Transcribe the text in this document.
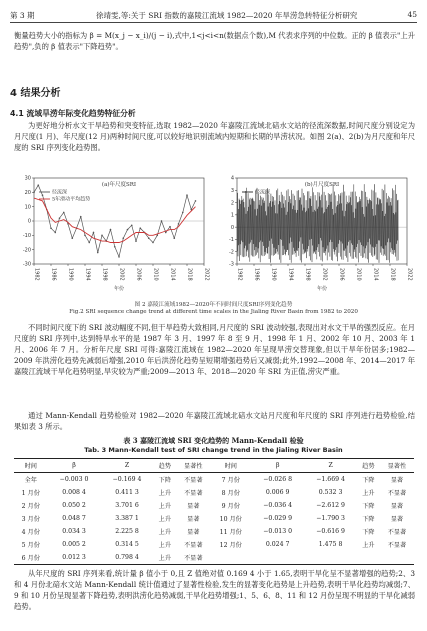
第 3 期	徐靖雯,等:关于 SRI 指数的嘉陵江流域 1982—2020 年旱涝急转特征分析研究	45
衡量趋势大小的指标为 β = M(x_j − x_i)/(j − i),式中,1<j<i<n(数据点个数),M 代表求序列的中位数。正的 β 值表示"上升趋势",负的 β 值表示"下降趋势"。
4 结果分析
4.1 流域旱涝年际变化趋势特征分析
为更好地分析水文干旱趋势和突变特征,选取 1982—2020 年嘉陵江流域北碚水文站的径流深数据,时间尺度分别设定为月尺度(1 月)、年尺度(12 月)两种时间尺度,可以较好地识别流域内短期和长期的旱涝状况。如图 2(a)、2(b)为月尺度和年尺度的 SRI 序列变化趋势图。
-30
-20
-10
0
10
20
30
1982 1986 1990 1994 1998 2002 2006 2010 2014 2018 2022
年份
(a)年尺度SRI
径流深
5年滑动平均趋势
-3
-2
-1
0
1
2
3
4
1982 1986 1990 1994 1998 2002 2006 2010 2014 2018 2022
年份
(b)月尺度SRI
径流深
图 2 嘉陵江流域1982—2020年不同时间尺度SRI序列变化趋势
Fig.2 SRI sequence change trend at different time scales in the Jialing River Basin from 1982 to 2020
不同时间尺度下的 SRI 波动幅度不同,但干旱趋势大致相同,月尺度的 SRI 波动较强,表现出对水文干旱的强烈反应。在月尺度的 SRI 序列中,达到特旱水平的是 1987 年 3 月、1997 年 8 至 9 月、1998 年 1 月、2002 年 10 月、2003 年 1 月、2006 年 7 月。分析年尺度 SRI 可得:嘉陵江流域在 1982—2020 年呈现旱涝交替现象,但以干旱年份居多;1982—2009 年洪涝化趋势先减弱后增强,2010 年后洪涝化趋势呈短期增强趋势后又减弱;此外,1992—2008 年、2014—2017 年嘉陵江流域干旱化趋势明显,旱灾较为严重;2009—2013 年、2018—2020 年 SRI 为正值,涝灾严重。
通过 Mann-Kendall 趋势检验对 1982—2020 年嘉陵江流域北碚水文站月尺度和年尺度的 SRI 序列进行趋势检验,结果如表 3 所示。
表 3 嘉陵江流域 SRI 变化趋势的 Mann-Kendall 检验
Tab. 3 Mann-Kendall test of SRI change trend in the Jialing River Basin
时间	β	Z	趋势	显著性	时间	β	Z	趋势	显著性
全年	−0.003 0	−0.169 4	下降	不显著	7 月份	−0.026 8	−1.669 4	下降	显著
1 月份	0.008 4	0.411 3	上升	不显著	8 月份	0.006 9	0.532 3	上升	不显著
2 月份	0.050 2	3.701 6	上升	显著	9 月份	−0.036 4	−2.612 9	下降	显著
3 月份	0.048 7	3.387 1	上升	显著	10 月份	−0.029 9	−1.790 3	下降	显著
4 月份	0.034 3	2.225 8	上升	显著	11 月份	−0.013 0	−0.616 9	下降	不显著
5 月份	0.005 2	0.314 5	上升	不显著	12 月份	0.024 7	1.475 8	上升	不显著
6 月份	0.012 3	0.798 4	上升	不显著					
从年尺度的 SRI 序列来看,统计量 β 值小于 0,且 Z 值绝对值 0.169 4 小于 1.65,表明干旱化呈不显著增强的趋势;2、3 和 4 月份北碚水文站 Mann-Kendall 统计值通过了显著性检验,发生的显著变化趋势是上升趋势,表明干旱化趋势均减弱;7、9 和 10 月份呈现显著下降趋势,表明洪涝化趋势减弱,干旱化趋势增强;1、5、6、8、11 和 12 月份呈现不明显的干旱化减弱趋势。
